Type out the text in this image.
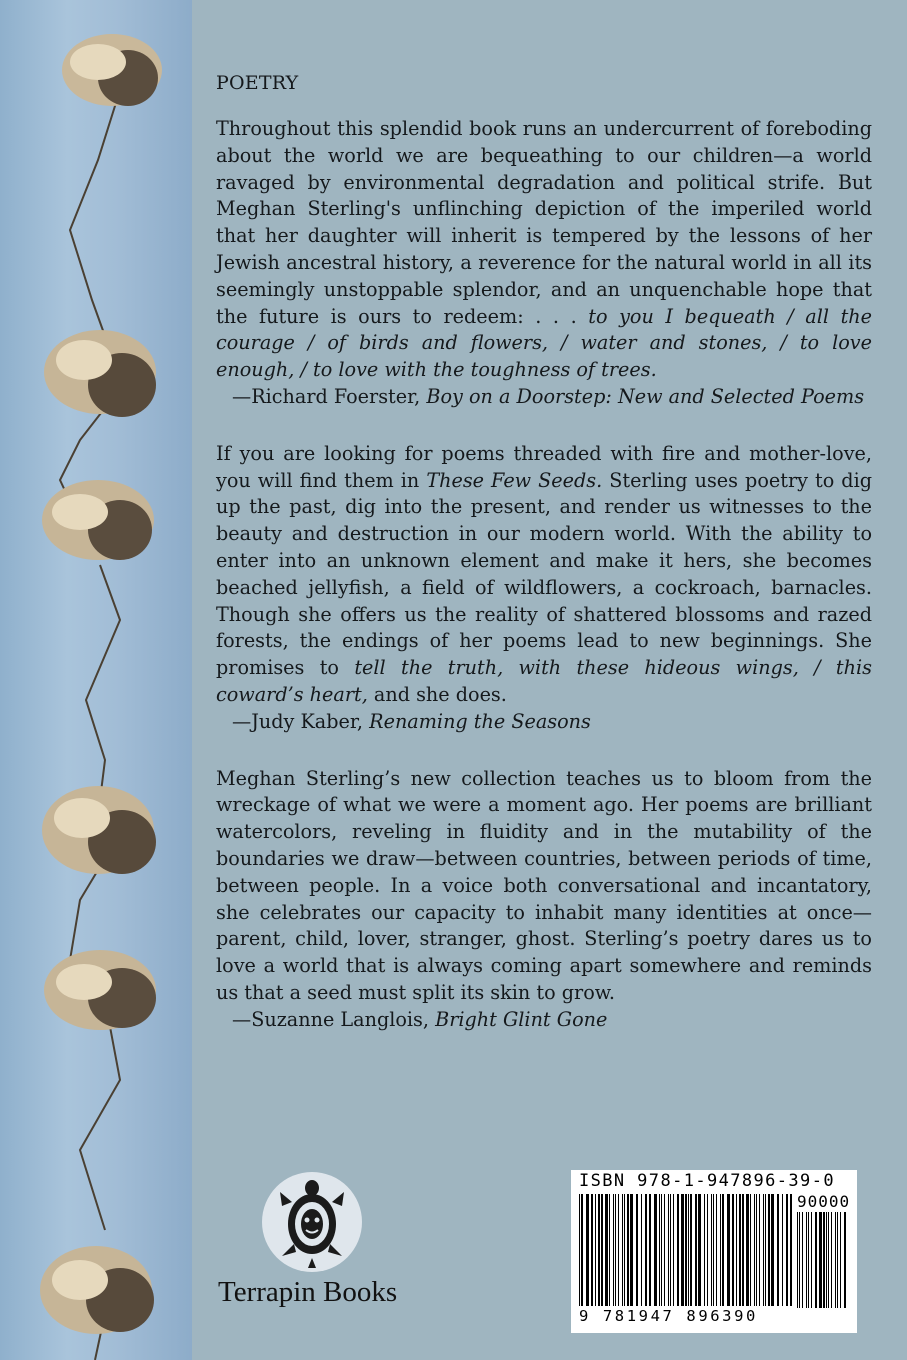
POETRY

Throughout this splendid book runs an undercurrent of foreboding about the world we are bequeathing to our children—a world ravaged by environmental degradation and political strife. But Meghan Sterling's unflinching depiction of the imperiled world that her daughter will inherit is tempered by the lessons of her Jewish ancestral history, a reverence for the natural world in all its seemingly unstoppable splendor, and an unquenchable hope that the future is ours to redeem: . . . to you I bequeath / all the courage / of birds and flowers, / water and stones, / to love enough, / to love with the toughness of trees.

—Richard Foerster, Boy on a Doorstep: New and Selected Poems

If you are looking for poems threaded with fire and mother-love, you will find them in These Few Seeds. Sterling uses poetry to dig up the past, dig into the present, and render us witnesses to the beauty and destruction in our modern world. With the ability to enter into an unknown element and make it hers, she becomes beached jellyfish, a field of wildflowers, a cockroach, barnacles. Though she offers us the reality of shattered blossoms and razed forests, the endings of her poems lead to new beginnings. She promises to tell the truth, with these hideous wings, / this coward’s heart, and she does.

—Judy Kaber, Renaming the Seasons

Meghan Sterling’s new collection teaches us to bloom from the wreckage of what we were a moment ago. Her poems are brilliant watercolors, reveling in fluidity and in the mutability of the boundaries we draw—between countries, between periods of time, between people. In a voice both conversational and incantatory, she celebrates our capacity to inhabit many identities at once—parent, child, lover, stranger, ghost. Sterling’s poetry dares us to love a world that is always coming apart somewhere and reminds us that a seed must split its skin to grow.

—Suzanne Langlois, Bright Glint Gone

Terrapin Books
ISBN 978-1-947896-39-0
90000
9 781947 896390
